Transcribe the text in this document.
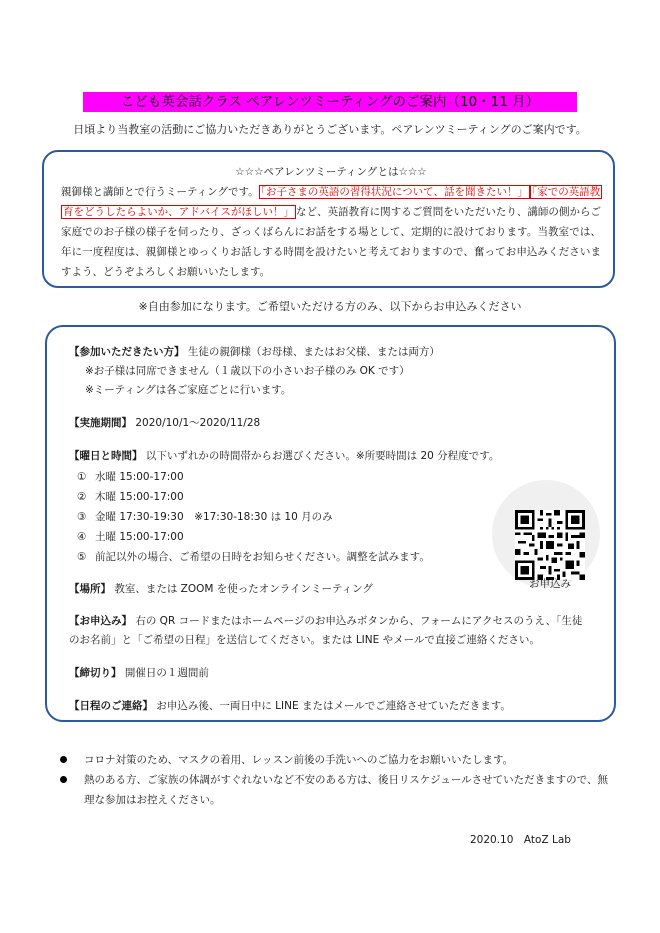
こども英会話クラス ペアレンツミーティングのご案内（10・11 月）
日頃より当教室の活動にご協力いただきありがとうございます。ペアレンツミーティングのご案内です。
☆☆☆ペアレンツミーティングとは☆☆☆
親御様と講師とで行うミーティングです。 「お子さまの英語の習得状況について、話を聞きたい！」 「家での英語教育をどうしたらよいか、アドバイスがほしい！」 など、英語教育に関するご質問をいただいたり、講師の側からご家庭でのお子様の様子を伺ったり、ざっくばらんにお話をする場として、定期的に設けております。当教室では、年に一度程度は、親御様とゆっくりお話しする時間を設けたいと考えておりますので、奮ってお申込みくださいますよう、どうぞよろしくお願いいたします。
※自由参加になります。ご希望いただける方のみ、以下からお申込みください
【参加いただきたい方】 生徒の親御様（お母様、またはお父様、または両方）
※お子様は同席できません（１歳以下の小さいお子様のみ OK です）
※ミーティングは各ご家庭ごとに行います。
【実施期間】 2020/10/1～2020/11/28
【曜日と時間】 以下いずれかの時間帯からお選びください。※所要時間は 20 分程度です。
① 水曜 15:00-17:00
② 木曜 15:00-17:00
③ 金曜 17:30-19:30　※17:30-18:30 は 10 月のみ
④ 土曜 15:00-17:00
⑤ 前記以外の場合、ご希望の日時をお知らせください。調整を試みます。
【場所】 教室、または ZOOM を使ったオンラインミーティング
【お申込み】 右の QR コードまたはホームページのお申込みボタンから、フォームにアクセスのうえ、「生徒のお名前」と「ご希望の日程」を送信してください。または LINE やメールで直接ご連絡ください。
【締切り】 開催日の１週間前
【日程のご連絡】 お申込み後、一両日中に LINE またはメールでご連絡させていただきます。
お申込み
コロナ対策のため、マスクの着用、レッスン前後の手洗いへのご協力をお願いいたします。
熱のある方、ご家族の体調がすぐれないなど不安のある方は、後日リスケジュールさせていただきますので、無理な参加はお控えください。
2020.10　AtoZ Lab
